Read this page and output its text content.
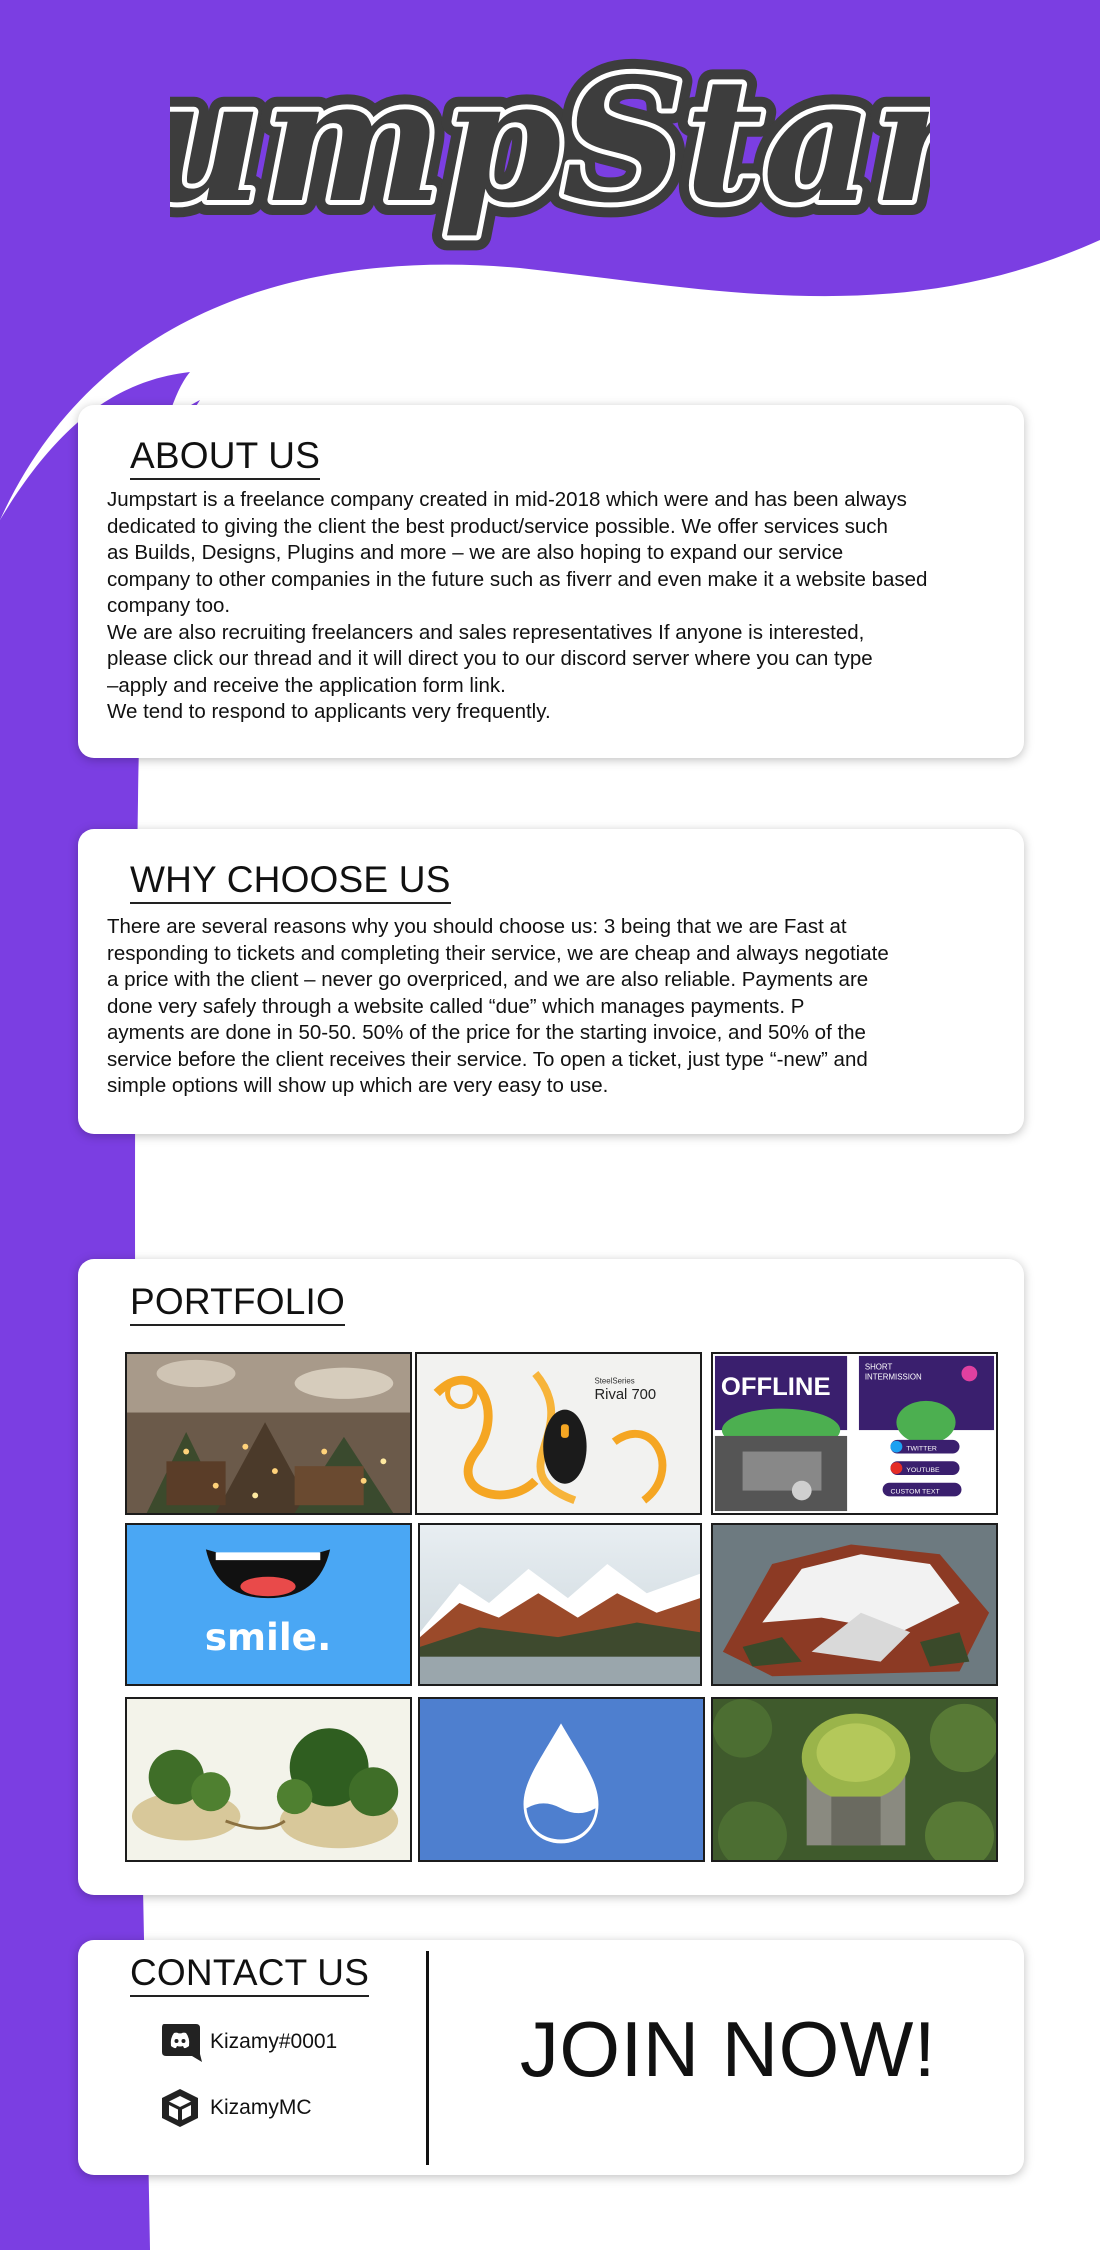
mpSta
mpSta
mpSta
ABOUT US

Jumpstart is a freelance company created in mid-2018 which were and has been always

dedicated to giving the client the best product/service possible. We offer services such

as Builds, Designs, Plugins and more – we are also hoping to expand our service

company to other companies in the future such as fiverr and even make it a website based

company too.

We are also recruiting freelancers and sales representatives If anyone is interested,

please click our thread and it will direct you to our discord server where you can type

–apply and receive the application form link.

We tend to respond to applicants very frequently.

WHY CHOOSE US

There are several reasons why you should choose us: 3 being that we are Fast at

responding to tickets and completing their service, we are cheap and always negotiate

a price with the client – never go overpriced, and we are also reliable. Payments are

done very safely through a website called “due” which manages payments. P

ayments are done in 50-50. 50% of the price for the starting invoice, and 50% of the

service before the client receives their service. To open a ticket, just type “-new” and

simple options will show up which are very easy to use.

PORTFOLIO
SteelSeries
Rival 700 OFFLINE
SHORT
INTERMISSION
TWITTER
YOUTUBE
CUSTOM TEXT
smile.
CONTACT US
Kizamy#0001
KizamyMC
JOIN NOW!
